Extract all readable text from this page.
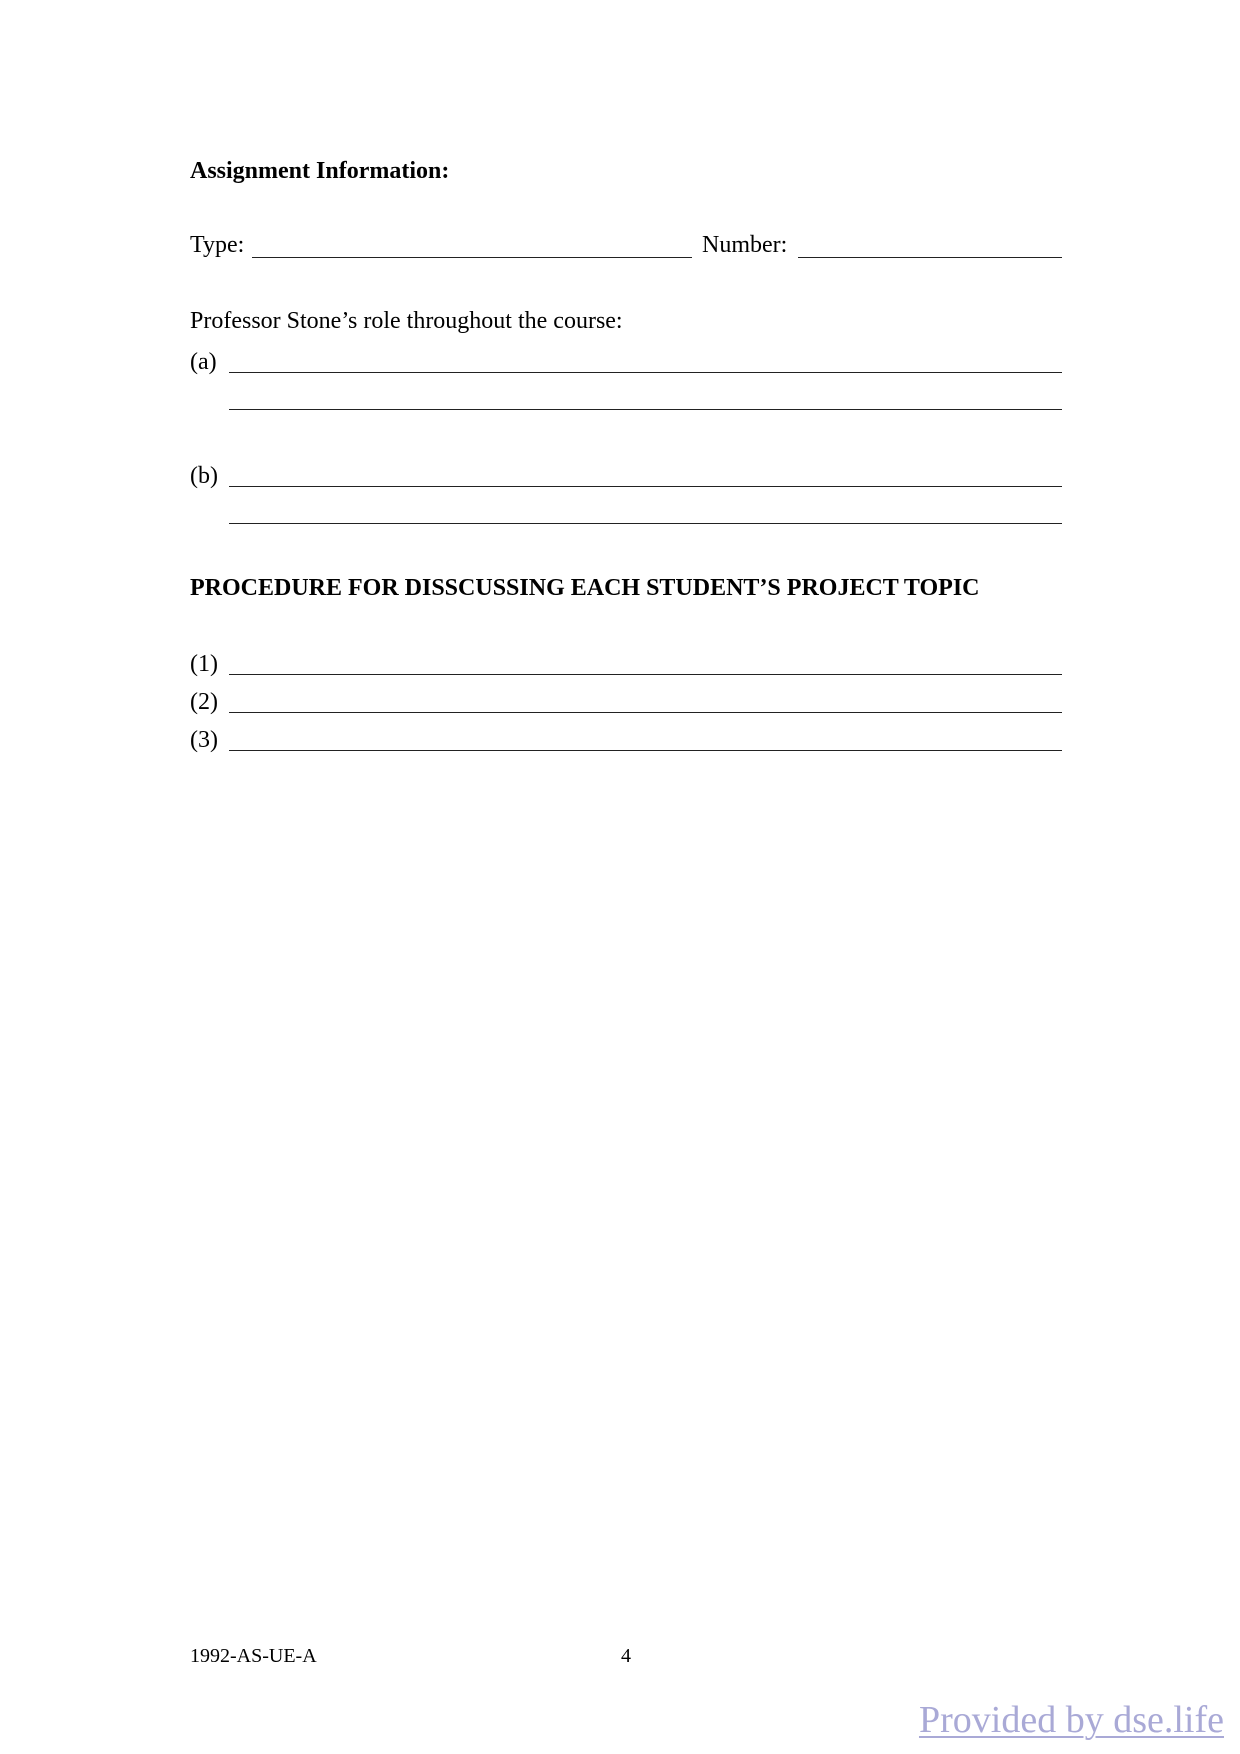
Assignment Information:
Type:	Number:
Professor Stone’s role throughout the course:
(a)
(b)
PROCEDURE FOR DISSCUSSING EACH STUDENT’S PROJECT TOPIC
(1)
(2)
(3)
1992-AS-UE-A	4
Provided by dse.life
